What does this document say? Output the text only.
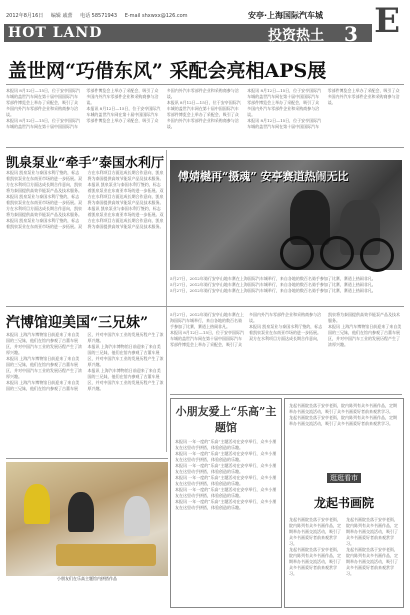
2012年8月16日 编辑 戚蕾 电话 58571943 E-mail shxwxx@126.com	安亭·上海国际汽车城 E
HOT LAND	投资热土 3
盖世网“巧借东风” 采配会亮相APS展

本报讯 8月12日—15日，位于安亭国际汽车城的盖世汽车网在第十届中国国际汽车零部件博览会上举办了采配会，吸引了众多国内外汽车零部件企业和采购商参与洽谈。

本报讯 8月12日—15日，位于安亭国际汽车城的盖世汽车网在第十届中国国际汽车零部件博览会上举办了采配会，吸引了众多国内外汽车零部件企业和采购商参与洽谈。

本报讯 8月12日—15日，位于安亭国际汽车城的盖世汽车网在第十届中国国际汽车零部件博览会上举办了采配会，吸引了众多国内外汽车零部件企业和采购商参与洽谈。

本报讯 8月12日—15日，位于安亭国际汽车城的盖世汽车网在第十届中国国际汽车零部件博览会上举办了采配会，吸引了众多国内外汽车零部件企业和采购商参与洽谈。

本报讯 8月12日—15日，位于安亭国际汽车城的盖世汽车网在第十届中国国际汽车零部件博览会上举办了采配会，吸引了众多国内外汽车零部件企业和采购商参与洽谈。

本报讯 8月12日—15日，位于安亭国际汽车城的盖世汽车网在第十届中国国际汽车零部件博览会上举办了采配会，吸引了众多国内外汽车零部件企业和采购商参与洽谈。

凯泉泵业“牵手”泰国水利厅

本报讯 凯泉泵业与泰国水利厅签约，标志着凯泉泵业在东南亚市场的进一步拓展。双方在水利项目方面达成长期合作意向，凯泉将为泰国提供高效节能泵产品及技术服务。

本报讯 凯泉泵业与泰国水利厅签约，标志着凯泉泵业在东南亚市场的进一步拓展。双方在水利项目方面达成长期合作意向，凯泉将为泰国提供高效节能泵产品及技术服务。

本报讯 凯泉泵业与泰国水利厅签约，标志着凯泉泵业在东南亚市场的进一步拓展。双方在水利项目方面达成长期合作意向，凯泉将为泰国提供高效节能泵产品及技术服务。

本报讯 凯泉泵业与泰国水利厅签约，标志着凯泉泵业在东南亚市场的进一步拓展。双方在水利项目方面达成长期合作意向，凯泉将为泰国提供高效节能泵产品及技术服务。

本报讯 凯泉泵业与泰国水利厅签约，标志着凯泉泵业在东南亚市场的进一步拓展。双方在水利项目方面达成长期合作意向，凯泉将为泰国提供高效节能泵产品及技术服务。

傅婧樾再“摄魂” 安亭赛道热闹无比

5月27日，2012年骑行安亭山地车赛在上海国际汽车城举行，来自各地的数百名骑手参加了比赛，赛道上热闹非凡。

5月27日，2012年骑行安亭山地车赛在上海国际汽车城举行，来自各地的数百名骑手参加了比赛，赛道上热闹非凡。

5月27日，2012年骑行安亭山地车赛在上海国际汽车城举行，来自各地的数百名骑手参加了比赛，赛道上热闹非凡。

汽博馆迎美国“三兄妹”

本报讯 上海汽车博物馆日前迎来了来自美国的三兄妹，他们在馆内参观了古董车展区，并对中国汽车工业的发展历程产生了浓厚兴趣。

本报讯 上海汽车博物馆日前迎来了来自美国的三兄妹，他们在馆内参观了古董车展区，并对中国汽车工业的发展历程产生了浓厚兴趣。

本报讯 上海汽车博物馆日前迎来了来自美国的三兄妹，他们在馆内参观了古董车展区，并对中国汽车工业的发展历程产生了浓厚兴趣。

本报讯 上海汽车博物馆日前迎来了来自美国的三兄妹，他们在馆内参观了古董车展区，并对中国汽车工业的发展历程产生了浓厚兴趣。

本报讯 上海汽车博物馆日前迎来了来自美国的三兄妹，他们在馆内参观了古董车展区，并对中国汽车工业的发展历程产生了浓厚兴趣。

5月27日，2012年骑行安亭山地车赛在上海国际汽车城举行，来自各地的数百名骑手参加了比赛，赛道上热闹非凡。

本报讯 8月12日—15日，位于安亭国际汽车城的盖世汽车网在第十届中国国际汽车零部件博览会上举办了采配会，吸引了众多国内外汽车零部件企业和采购商参与洽谈。

本报讯 凯泉泵业与泰国水利厅签约，标志着凯泉泵业在东南亚市场的进一步拓展。双方在水利项目方面达成长期合作意向，凯泉将为泰国提供高效节能泵产品及技术服务。

本报讯 上海汽车博物馆日前迎来了来自美国的三兄妹，他们在馆内参观了古董车展区，并对中国汽车工业的发展历程产生了浓厚兴趣。

小朋友爱上“乐高”主题馆

本报讯 一年一度的“乐高”主题活动在安亭举行，众多小朋友在这里动手拼搭，体验创造的乐趣。

本报讯 一年一度的“乐高”主题活动在安亭举行，众多小朋友在这里动手拼搭，体验创造的乐趣。

本报讯 一年一度的“乐高”主题活动在安亭举行，众多小朋友在这里动手拼搭，体验创造的乐趣。

本报讯 一年一度的“乐高”主题活动在安亭举行，众多小朋友在这里动手拼搭，体验创造的乐趣。

本报讯 一年一度的“乐高”主题活动在安亭举行，众多小朋友在这里动手拼搭，体验创造的乐趣。

本报讯 一年一度的“乐高”主题活动在安亭举行，众多小朋友在这里动手拼搭，体验创造的乐趣。

龙起书画院坐落于安亭老街，院内陈列有众多书画作品，定期举办书画交流活动，吸引了众多书画爱好者前来观赏学习。

龙起书画院坐落于安亭老街，院内陈列有众多书画作品，定期举办书画交流活动，吸引了众多书画爱好者前来观赏学习。

逛逛看市
龙起书画院

龙起书画院坐落于安亭老街，院内陈列有众多书画作品，定期举办书画交流活动，吸引了众多书画爱好者前来观赏学习。

龙起书画院坐落于安亭老街，院内陈列有众多书画作品，定期举办书画交流活动，吸引了众多书画爱好者前来观赏学习。

龙起书画院坐落于安亭老街，院内陈列有众多书画作品，定期举办书画交流活动，吸引了众多书画爱好者前来观赏学习。

龙起书画院坐落于安亭老街，院内陈列有众多书画作品，定期举办书画交流活动，吸引了众多书画爱好者前来观赏学习。

小朋友们在乐高主题馆内拼搭作品
